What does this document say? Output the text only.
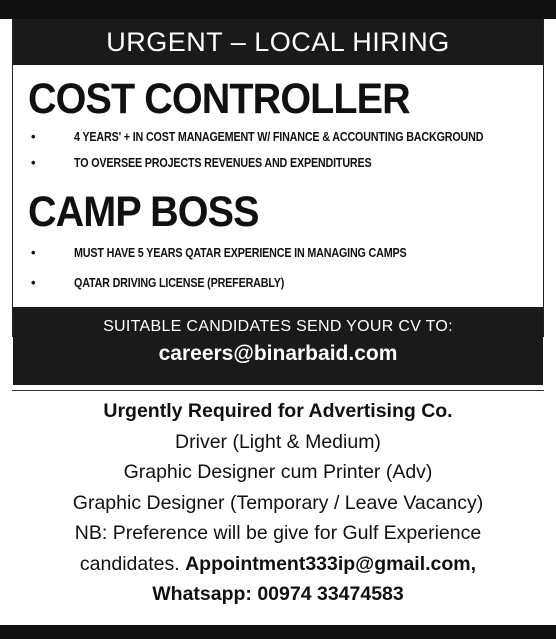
URGENT – LOCAL HIRING
COST CONTROLLER
•	4 YEARS' + IN COST MANAGEMENT W/ FINANCE & ACCOUNTING BACKGROUND
•	TO OVERSEE PROJECTS REVENUES AND EXPENDITURES
CAMP BOSS
•	MUST HAVE 5 YEARS QATAR EXPERIENCE IN MANAGING CAMPS
•	QATAR DRIVING LICENSE (PREFERABLY)
SUITABLE CANDIDATES SEND YOUR CV TO:
careers@binarbaid.com
Urgently Required for Advertising Co.
Driver (Light & Medium)
Graphic Designer cum Printer (Adv)
Graphic Designer (Temporary / Leave Vacancy)
NB: Preference will be give for Gulf Experience
candidates. Appointment333ip@gmail.com,
Whatsapp: 00974 33474583
